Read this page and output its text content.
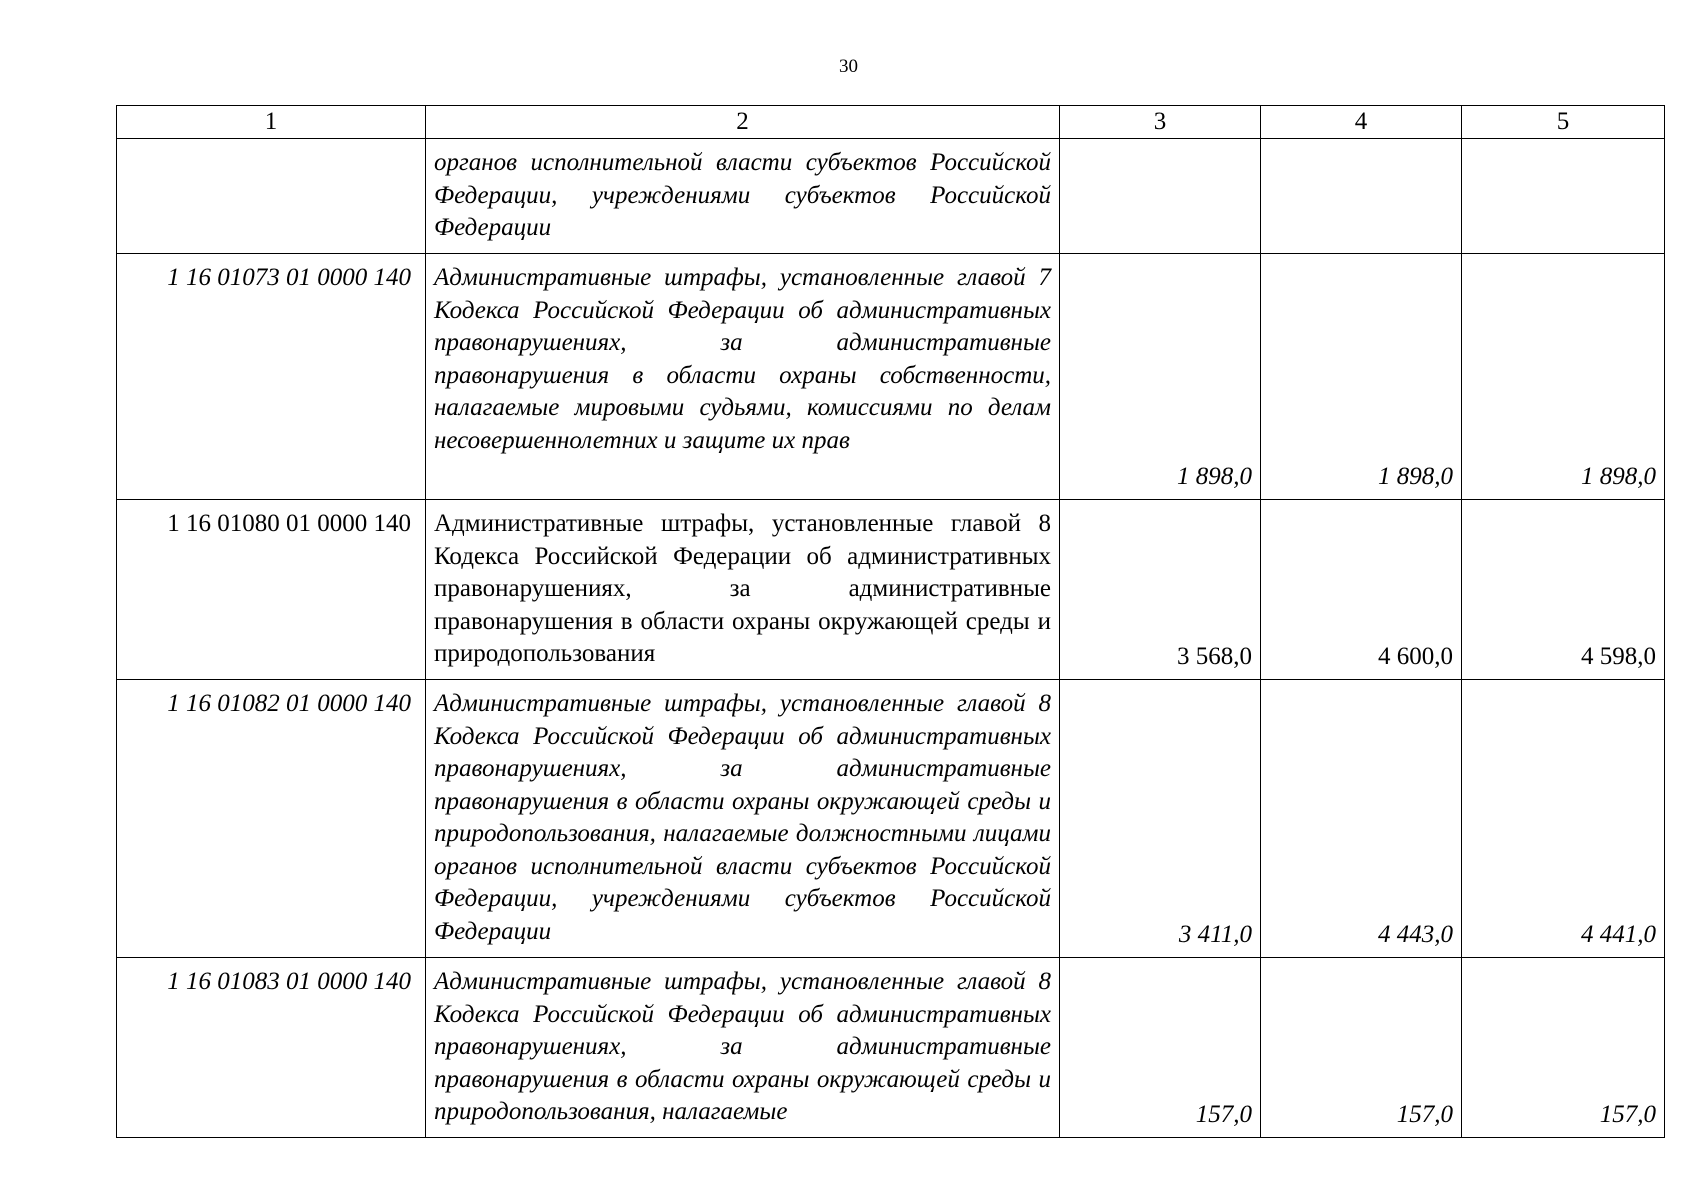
30
1	2	3	4	5
	органов исполнительной власти субъектов Российской Федерации, учреждениями субъектов Российской Федерации			
1 16 01073 01 0000 140	Административные штрафы, установленные главой 7 Кодекса Российской Федерации об административных правонарушениях, за административные правонарушения в области охраны собственности, налагаемые мировыми судьями, комиссиями по делам несовершеннолетних и защите их прав	1 898,0	1 898,0	1 898,0
1 16 01080 01 0000 140	Административные штрафы, установленные главой 8 Кодекса Российской Федерации об административных правонарушениях, за административные правонарушения в области охраны окружающей среды и природопользования	3 568,0	4 600,0	4 598,0
1 16 01082 01 0000 140	Административные штрафы, установленные главой 8 Кодекса Российской Федерации об административных правонарушениях, за административные правонарушения в области охраны окружающей среды и природопользования, налагаемые должностными лицами органов исполнительной власти субъектов Российской Федерации, учреждениями субъектов Российской Федерации	3 411,0	4 443,0	4 441,0
1 16 01083 01 0000 140	Административные штрафы, установленные главой 8 Кодекса Российской Федерации об административных правонарушениях, за административные правонарушения в области охраны окружающей среды и природопользования, налагаемые	157,0	157,0	157,0
